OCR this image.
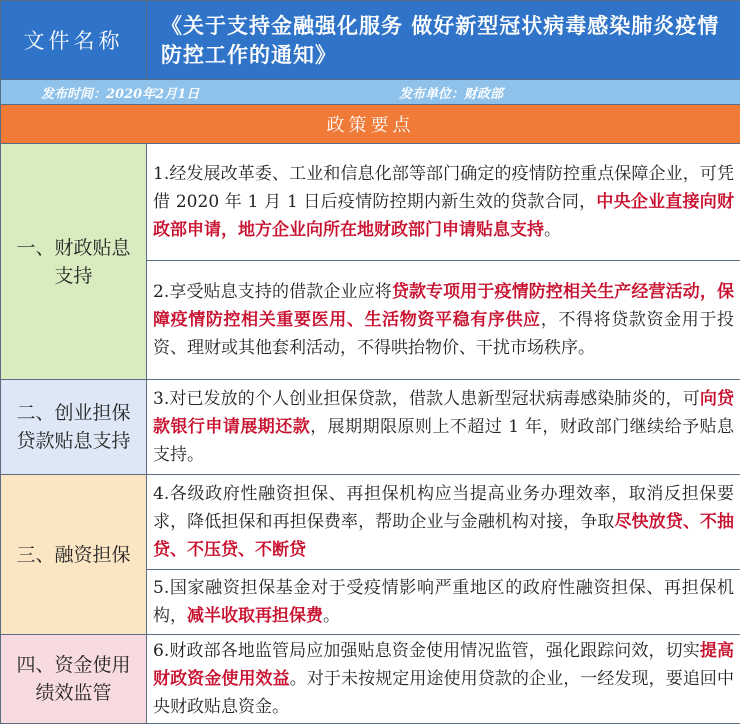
文件名称	《关于支持金融强化服务 做好新型冠状病毒感染肺炎疫情防控工作的通知》
发布时间：2020年2月1日 发布单位：财政部	
政策要点	
一、财政贴息
支持	1.经发展改革委、工业和信息化部等部门确定的疫情防控重点保障企业，可凭借 2020 年 1 月 1 日后疫情防控期内新生效的贷款合同，中央企业直接向财政部申请，地方企业向所在地财政部门申请贴息支持。
	2.享受贴息支持的借款企业应将贷款专项用于疫情防控相关生产经营活动，保障疫情防控相关重要医用、生活物资平稳有序供应，不得将贷款资金用于投资、理财或其他套利活动，不得哄抬物价、干扰市场秩序。
二、创业担保
贷款贴息支持	3.对已发放的个人创业担保贷款，借款人患新型冠状病毒感染肺炎的，可向贷款银行申请展期还款，展期期限原则上不超过 1 年，财政部门继续给予贴息支持。
三、融资担保	4.各级政府性融资担保、再担保机构应当提高业务办理效率，取消反担保要求，降低担保和再担保费率，帮助企业与金融机构对接，争取尽快放贷、不抽贷、不压贷、不断贷
	5.国家融资担保基金对于受疫情影响严重地区的政府性融资担保、再担保机构，减半收取再担保费。
四、资金使用
绩效监管	6.财政部各地监管局应加强贴息资金使用情况监管，强化跟踪问效，切实提高财政资金使用效益。对于未按规定用途使用贷款的企业，一经发现，要追回中央财政贴息资金。
